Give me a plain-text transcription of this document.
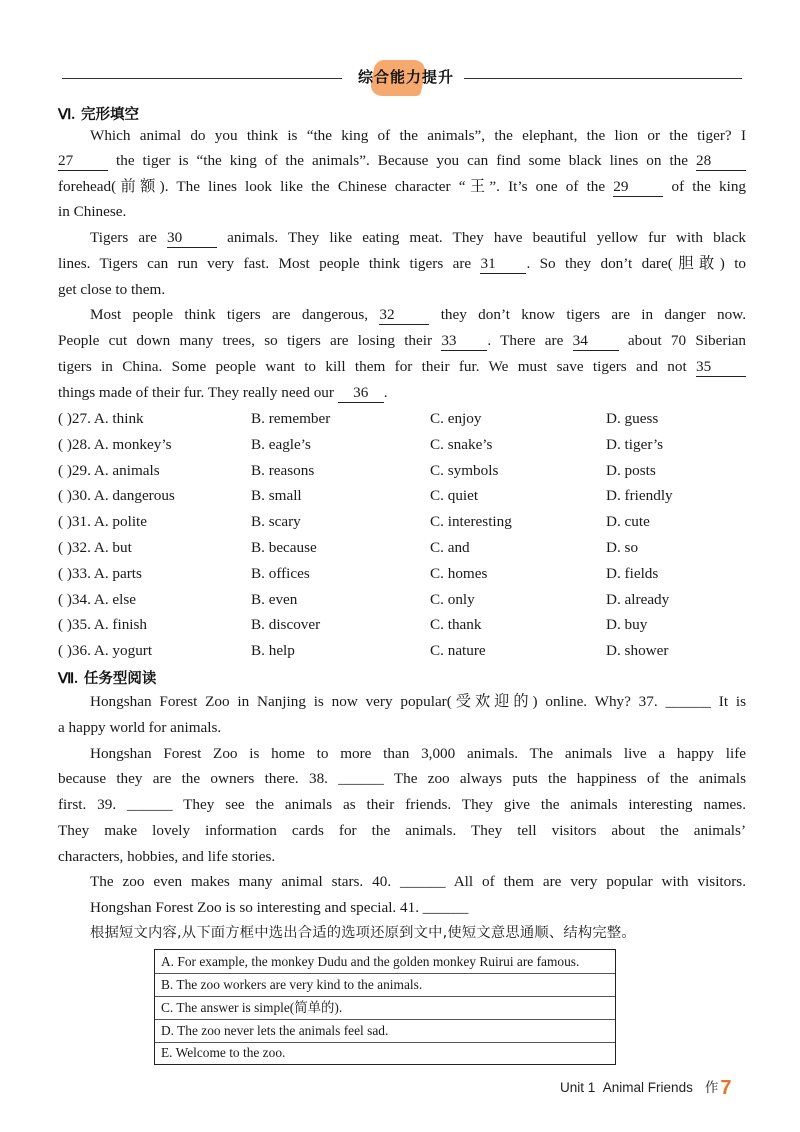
综合能力提升
Ⅵ. 完形填空
Which animal do you think is “the king of the animals”, the elephant, the lion or the tiger? I
27	the tiger is “the king of the animals”. Because you can find some black lines on the 28
forehead(前额). The lines look like the Chinese character “王”. It’s one of the 29	of the king
in Chinese.
Tigers are 30	animals. They like eating meat. They have beautiful yellow fur with black
lines. Tigers can run very fast. Most people think tigers are 31 . So they don’t dare(胆敢) to
get close to them.
Most people think tigers are dangerous, 32	they don’t know tigers are in danger now.
People cut down many trees, so tigers are losing their 33 . There are 34	about 70 Siberian
tigers in China. Some people want to kill them for their fur. We must save tigers and not 35
things made of their fur. They really need our 36 .
( )27. A. think	B. remember	C. enjoy	D. guess
( )28. A. monkey’s	B. eagle’s	C. snake’s	D. tiger’s
( )29. A. animals	B. reasons	C. symbols	D. posts
( )30. A. dangerous	B. small	C. quiet	D. friendly
( )31. A. polite	B. scary	C. interesting	D. cute
( )32. A. but	B. because	C. and	D. so
( )33. A. parts	B. offices	C. homes	D. fields
( )34. A. else	B. even	C. only	D. already
( )35. A. finish	B. discover	C. thank	D. buy
( )36. A. yogurt	B. help	C. nature	D. shower
Ⅶ. 任务型阅读
Hongshan Forest Zoo in Nanjing is now very popular(受欢迎的) online. Why? 37. ______ It is
a happy world for animals.
Hongshan Forest Zoo is home to more than 3,000 animals. The animals live a happy life
because they are the owners there. 38. ______ The zoo always puts the happiness of the animals
first. 39. ______ They see the animals as their friends. They give the animals interesting names.
They make lovely information cards for the animals. They tell visitors about the animals’
characters, hobbies, and life stories.
The zoo even makes many animal stars. 40. ______ All of them are very popular with visitors.
Hongshan Forest Zoo is so interesting and special. 41. ______
根据短文内容,从下面方框中选出合适的选项还原到文中,使短文意思通顺、结构完整。
A. For example, the monkey Dudu and the golden monkey Ruirui are famous.
B. The zoo workers are very kind to the animals.
C. The answer is simple(简单的).
D. The zoo never lets the animals feel sad.
E. Welcome to the zoo.
Unit 1 Animal Friends 作 7
